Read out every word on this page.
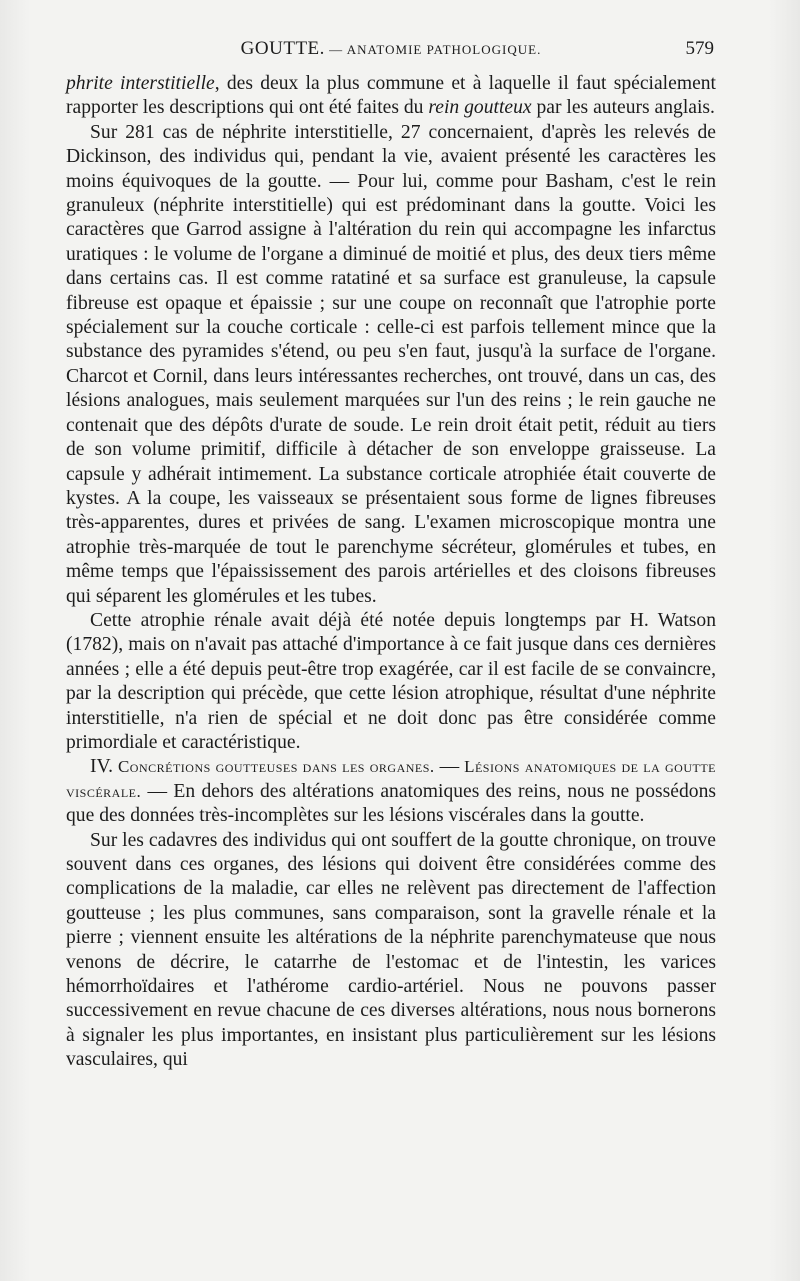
GOUTTE. — ANATOMIE PATHOLOGIQUE.	579

phrite interstitielle, des deux la plus commune et à laquelle il faut spécialement rapporter les descriptions qui ont été faites du rein goutteux par les auteurs anglais.

Sur 281 cas de néphrite interstitielle, 27 concernaient, d'après les relevés de Dickinson, des individus qui, pendant la vie, avaient présenté les caractères les moins équivoques de la goutte. — Pour lui, comme pour Basham, c'est le rein granuleux (néphrite interstitielle) qui est prédominant dans la goutte. Voici les caractères que Garrod assigne à l'altération du rein qui accompagne les infarctus uratiques : le volume de l'organe a diminué de moitié et plus, des deux tiers même dans certains cas. Il est comme ratatiné et sa surface est granuleuse, la capsule fibreuse est opaque et épaissie ; sur une coupe on reconnaît que l'atrophie porte spécialement sur la couche corticale : celle-ci est parfois tellement mince que la substance des pyramides s'étend, ou peu s'en faut, jusqu'à la surface de l'organe. Charcot et Cornil, dans leurs intéressantes recherches, ont trouvé, dans un cas, des lésions analogues, mais seulement marquées sur l'un des reins ; le rein gauche ne contenait que des dépôts d'urate de soude. Le rein droit était petit, réduit au tiers de son volume primitif, difficile à détacher de son enveloppe graisseuse. La capsule y adhérait intimement. La substance corticale atrophiée était couverte de kystes. A la coupe, les vaisseaux se présentaient sous forme de lignes fibreuses très-apparentes, dures et privées de sang. L'examen microscopique montra une atrophie très-marquée de tout le parenchyme sécréteur, glomérules et tubes, en même temps que l'épaississement des parois artérielles et des cloisons fibreuses qui séparent les glomérules et les tubes.

Cette atrophie rénale avait déjà été notée depuis longtemps par H. Watson (1782), mais on n'avait pas attaché d'importance à ce fait jusque dans ces dernières années ; elle a été depuis peut-être trop exagérée, car il est facile de se convaincre, par la description qui précède, que cette lésion atrophique, résultat d'une néphrite interstitielle, n'a rien de spécial et ne doit donc pas être considérée comme primordiale et caractéristique.

IV. Concrétions goutteuses dans les organes. — Lésions anatomiques de la goutte viscérale. — En dehors des altérations anatomiques des reins, nous ne possédons que des données très-incomplètes sur les lésions viscérales dans la goutte.

Sur les cadavres des individus qui ont souffert de la goutte chronique, on trouve souvent dans ces organes, des lésions qui doivent être considérées comme des complications de la maladie, car elles ne relèvent pas directement de l'affection goutteuse ; les plus communes, sans comparaison, sont la gravelle rénale et la pierre ; viennent ensuite les altérations de la néphrite parenchymateuse que nous venons de décrire, le catarrhe de l'estomac et de l'intestin, les varices hémorrhoïdaires et l'athérome cardio-artériel. Nous ne pouvons passer successivement en revue chacune de ces diverses altérations, nous nous bornerons à signaler les plus importantes, en insistant plus particulièrement sur les lésions vasculaires, qui
